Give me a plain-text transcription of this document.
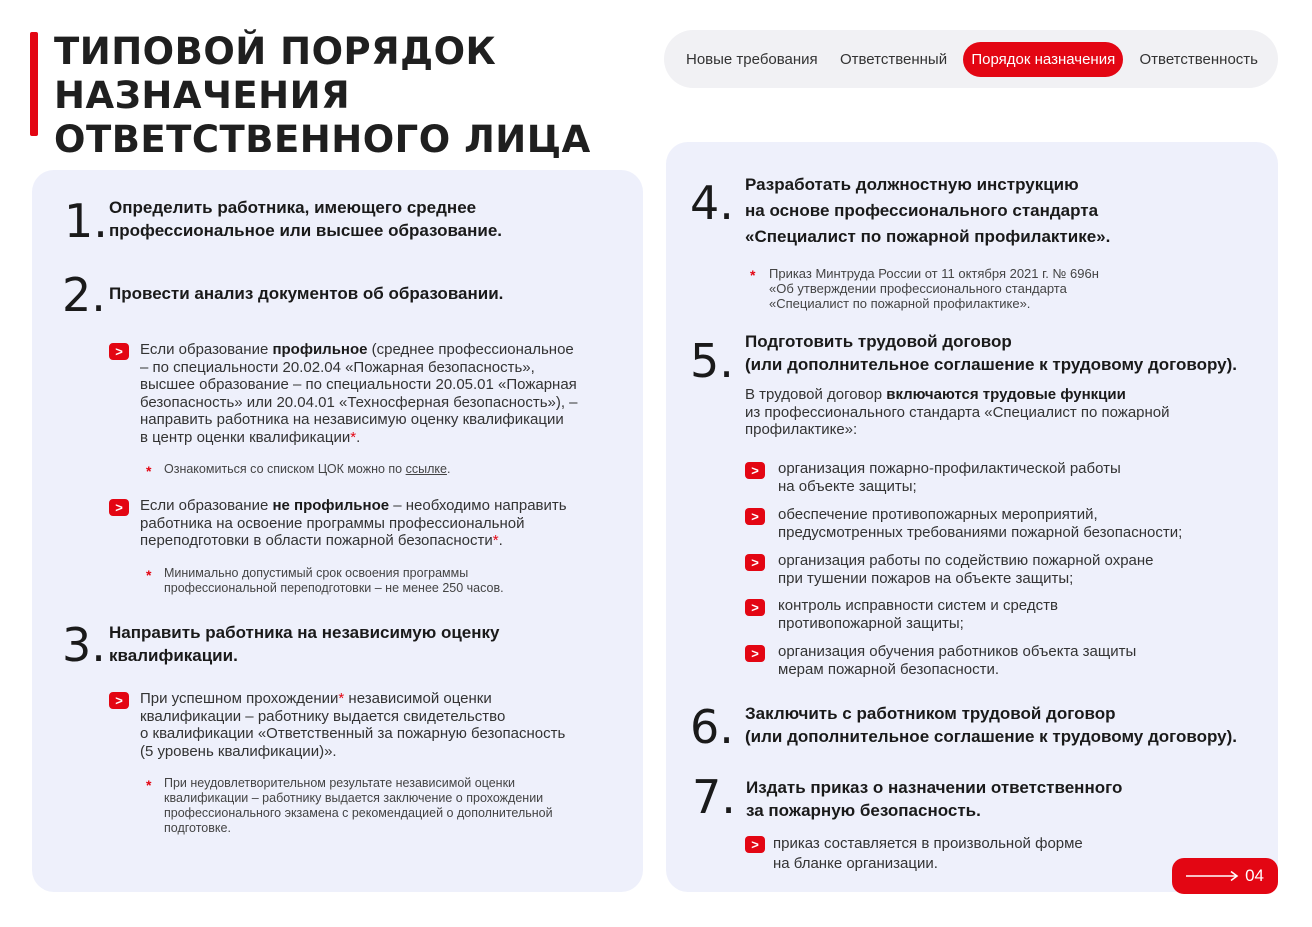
ТИПОВОЙ ПОРЯДОК
НАЗНАЧЕНИЯ
ОТВЕТСТВЕННОГО ЛИЦА
Новые требования	Ответственный	Порядок назначения	Ответственность
1. Определить работника, имеющего среднее
профессиональное или высшее образование.
2. Провести анализ документов об образовании.
>	Если образование профильное (среднее профессиональное
– по специальности 20.02.04 «Пожарная безопасность»,
высшее образование – по специальности 20.05.01 «Пожарная
безопасность» или 20.04.01 «Техносферная безопасность»), –
направить работника на независимую оценку квалификации
в центр оценки квалификации*.
* Ознакомиться со списком ЦОК можно по ссылке.
>	Если образование не профильное – необходимо направить
работника на освоение программы профессиональной
переподготовки в области пожарной безопасности*.
* Минимально допустимый срок освоения программы
профессиональной переподготовки – не менее 250 часов.
3. Направить работника на независимую оценку
квалификации.
>	При успешном прохождении* независимой оценки
квалификации – работнику выдается свидетельство
о квалификации «Ответственный за пожарную безопасность
(5 уровень квалификации)».
* При неудовлетворительном результате независимой оценки
квалификации – работнику выдается заключение о прохождении
профессионального экзамена с рекомендацией о дополнительной
подготовке.
4. Разработать должностную инструкцию
на основе профессионального стандарта
«Специалист по пожарной профилактике».
* Приказ Минтруда России от 11 октября 2021 г. № 696н
«Об утверждении профессионального стандарта
«Специалист по пожарной профилактике».
5. Подготовить трудовой договор
(или дополнительное соглашение к трудовому договору).
В трудовой договор включаются трудовые функции
из профессионального стандарта «Специалист по пожарной
профилактике»:
>	организация пожарно-профилактической работы
на объекте защиты;
>	обеспечение противопожарных мероприятий,
предусмотренных требованиями пожарной безопасности;
>	организация работы по содействию пожарной охране
при тушении пожаров на объекте защиты;
>	контроль исправности систем и средств
противопожарной защиты;
>	организация обучения работников объекта защиты
мерам пожарной безопасности.
6. Заключить с работником трудовой договор
(или дополнительное соглашение к трудовому договору).
7. Издать приказ о назначении ответственного
за пожарную безопасность.
> приказ составляется в произвольной форме
на бланке организации.
04
